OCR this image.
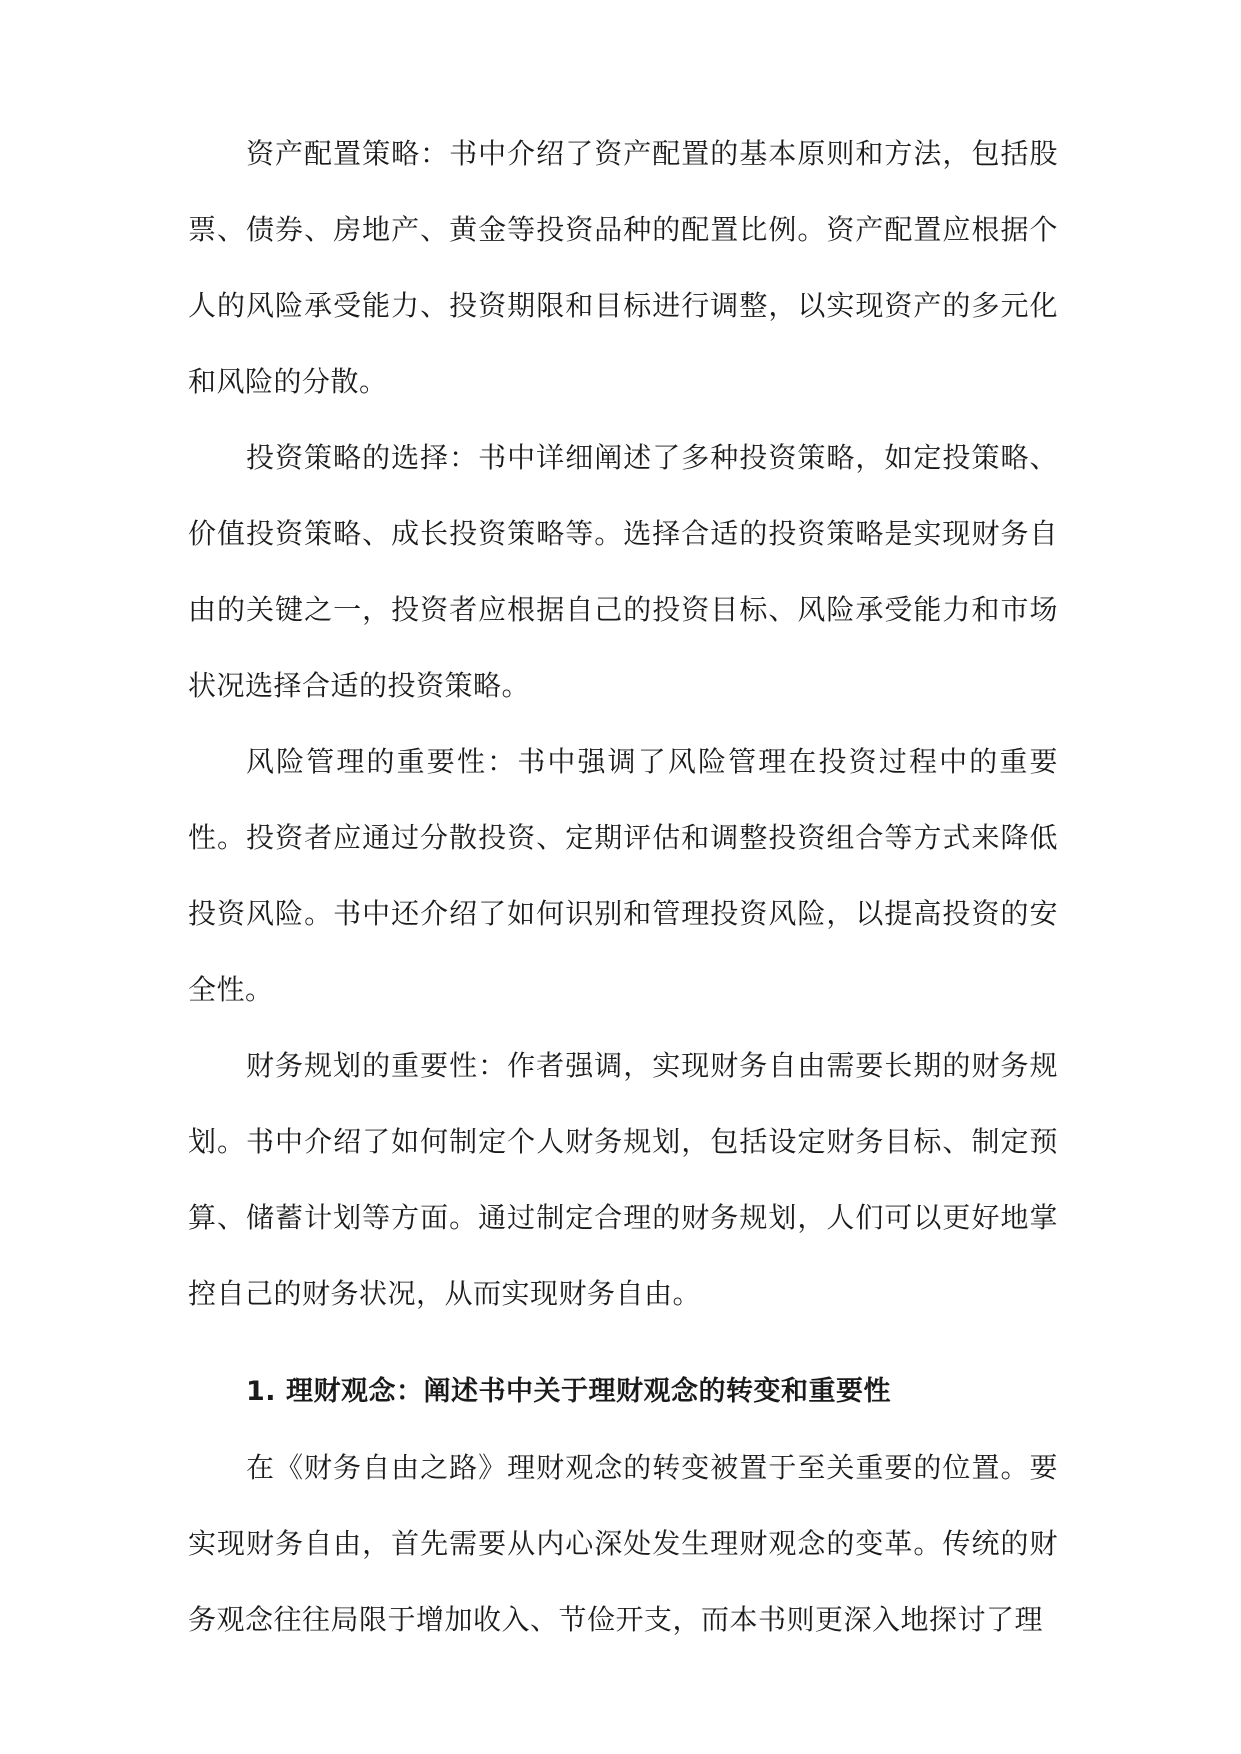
资产配置策略：书中介绍了资产配置的基本原则和方法，包括股票、债券、房地产、黄金等投资品种的配置比例。资产配置应根据个人的风险承受能力、投资期限和目标进行调整，以实现资产的多元化和风险的分散。

投资策略的选择：书中详细阐述了多种投资策略，如定投策略、价值投资策略、成长投资策略等。选择合适的投资策略是实现财务自由的关键之一，投资者应根据自己的投资目标、风险承受能力和市场状况选择合适的投资策略。

风险管理的重要性：书中强调了风险管理在投资过程中的重要性。投资者应通过分散投资、定期评估和调整投资组合等方式来降低投资风险。书中还介绍了如何识别和管理投资风险，以提高投资的安全性。

财务规划的重要性：作者强调，实现财务自由需要长期的财务规划。书中介绍了如何制定个人财务规划，包括设定财务目标、制定预算、储蓄计划等方面。通过制定合理的财务规划，人们可以更好地掌控自己的财务状况，从而实现财务自由。

1. 理财观念：阐述书中关于理财观念的转变和重要性

在《财务自由之路》理财观念的转变被置于至关重要的位置。要实现财务自由，首先需要从内心深处发生理财观念的变革。传统的财务观念往往局限于增加收入、节俭开支，而本书则更深入地探讨了理
